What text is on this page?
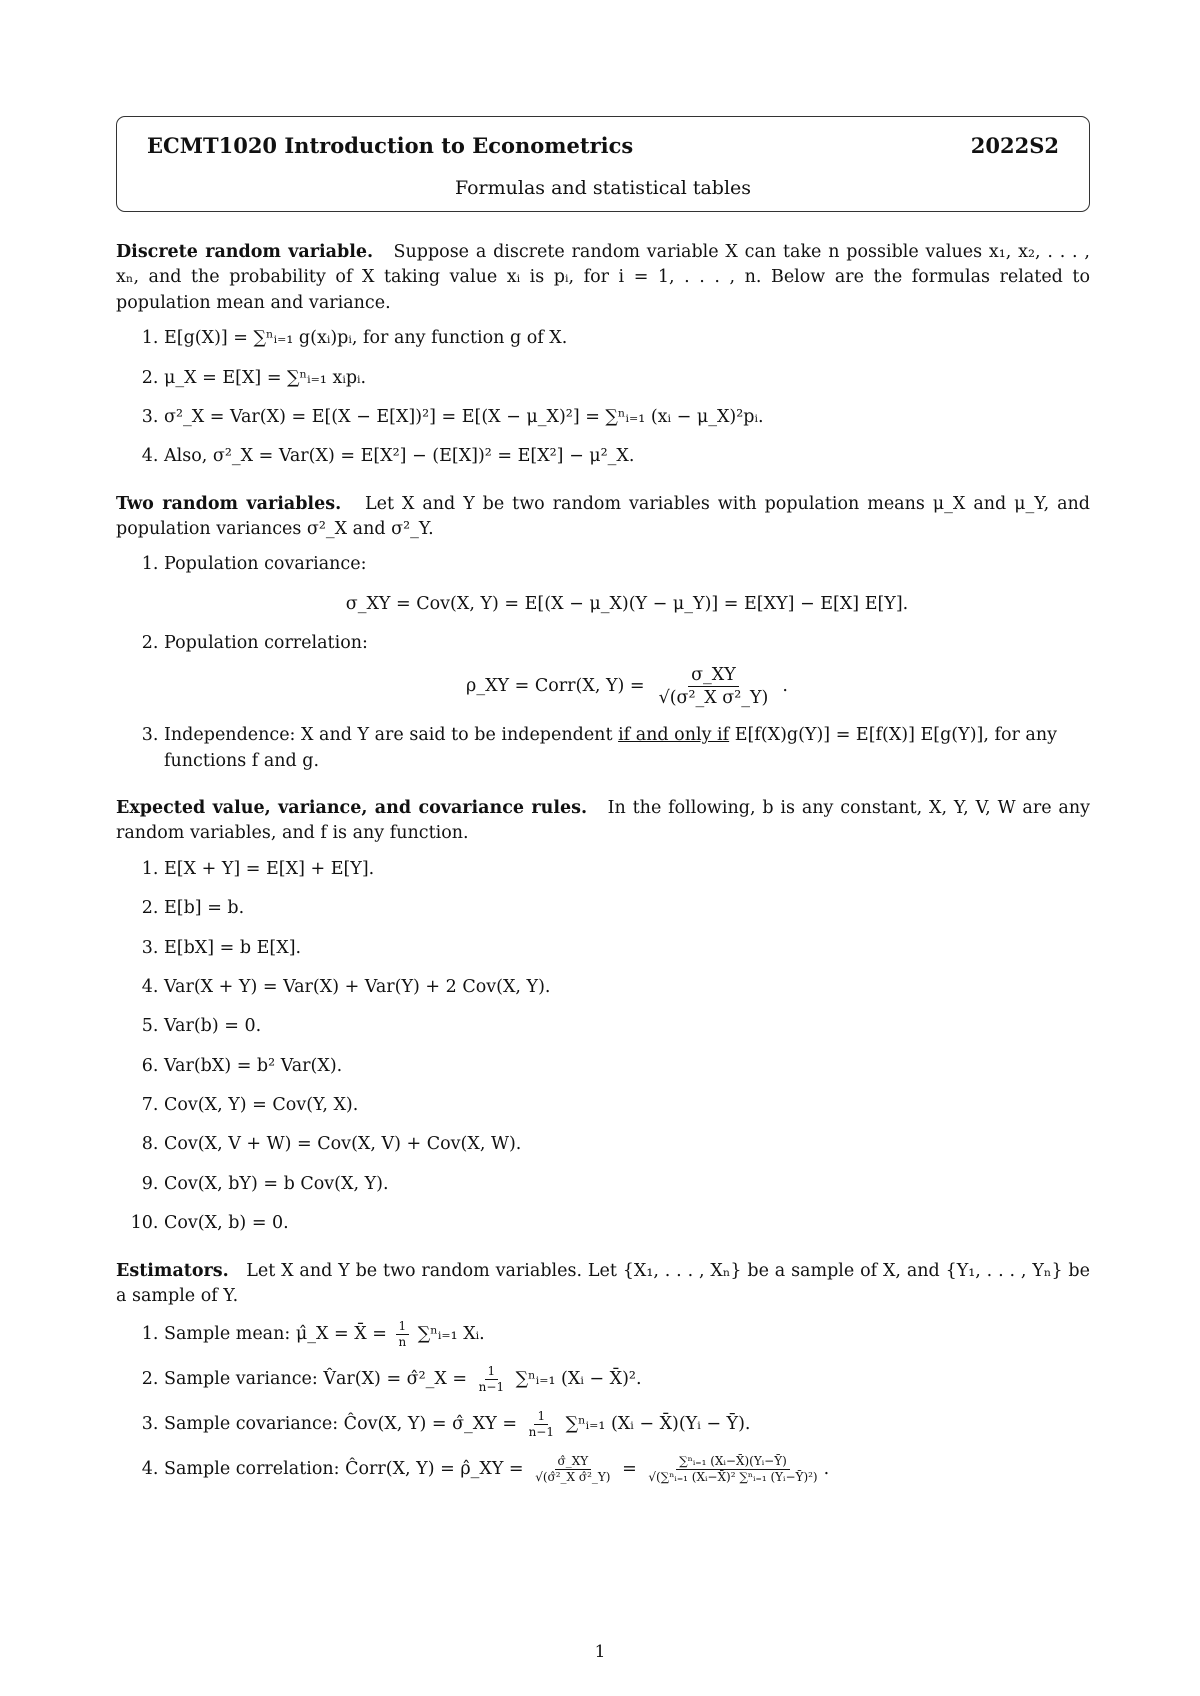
ECMT1020 Introduction to Econometrics	2022S2
Formulas and statistical tables

Discrete random variable. Suppose a discrete random variable X can take n possible values x₁, x₂, . . . , xₙ, and the probability of X taking value xᵢ is pᵢ, for i = 1, . . . , n. Below are the formulas related to population mean and variance.

1. E[g(X)] = ∑ⁿᵢ₌₁ g(xᵢ)pᵢ, for any function g of X.
2. μ_X = E[X] = ∑ⁿᵢ₌₁ xᵢpᵢ.
3. σ²_X = Var(X) = E[(X − E[X])²] = E[(X − μ_X)²] = ∑ⁿᵢ₌₁ (xᵢ − μ_X)²pᵢ.
4. Also, σ²_X = Var(X) = E[X²] − (E[X])² = E[X²] − μ²_X.

Two random variables. Let X and Y be two random variables with population means μ_X and μ_Y, and population variances σ²_X and σ²_Y.

1. Population covariance:
σ_XY = Cov(X, Y) = E[(X − μ_X)(Y − μ_Y)] = E[XY] − E[X] E[Y].
2. Population correlation:
ρ_XY = Corr(X, $Y) = \frac{\sigma\_XY}{\text{√(σ²\_X σ²\_Y)}}$ .
3. Independence: X and Y are said to be independent if and only if E[f(X)g(Y)] = E[f(X)] E[g(Y)], for any functions f and g.

Expected value, variance, and covariance rules. In the following, b is any constant, X, Y, V, W are any random variables, and f is any function.

1. E[X + Y] = E[X] + E[Y].
2. E[b] = b.
3. E[bX] = b E[X].
4. Var(X + Y) = Var(X) + Var(Y) + 2 Cov(X, Y).
5. Var(b) = 0.
6. Var(bX) = b² Var(X).
7. Cov(X, Y) = Cov(Y, X).
8. Cov(X, V + W) = Cov(X, V) + Cov(X, W).
9. Cov(X, bY) = b Cov(X, Y).
10. Cov(X, b) = 0.

Estimators. Let X and Y be two random variables. Let {X₁, . . . , Xₙ} be a sample of X, and {Y₁, . . . , Yₙ} be a sample of Y.

1. Sample mean: μ̂_X = X̄ = $\frac{1}{n}$ ∑ⁿᵢ₌₁ Xᵢ.
2. Sample variance: V̂ar(X) = σ̂²_X = $\frac{1}{n-1}$ ∑ⁿᵢ₌₁ (Xᵢ − X̄)².
3. Sample covariance: Ĉov(X, Y) = σ̂_XY = $\frac{1}{n-1}$ ∑ⁿᵢ₌₁ (Xᵢ − X̄)(Yᵢ − Ȳ).
4. Sample correlation: Ĉorr(X, Y) = ρ̂_XY = $\frac{\sigmâ\_XY}{\text{√(σ̂²\_X σ̂²\_Y)}} = \frac{\text{∑ⁿᵢ₌₁ (Xᵢ−X̄)(Yᵢ−Ȳ)}}{\text{√(∑ⁿᵢ₌₁ (Xᵢ−X̄)² ∑ⁿᵢ₌₁ (Yᵢ−Ȳ)²)}}$ .
1
